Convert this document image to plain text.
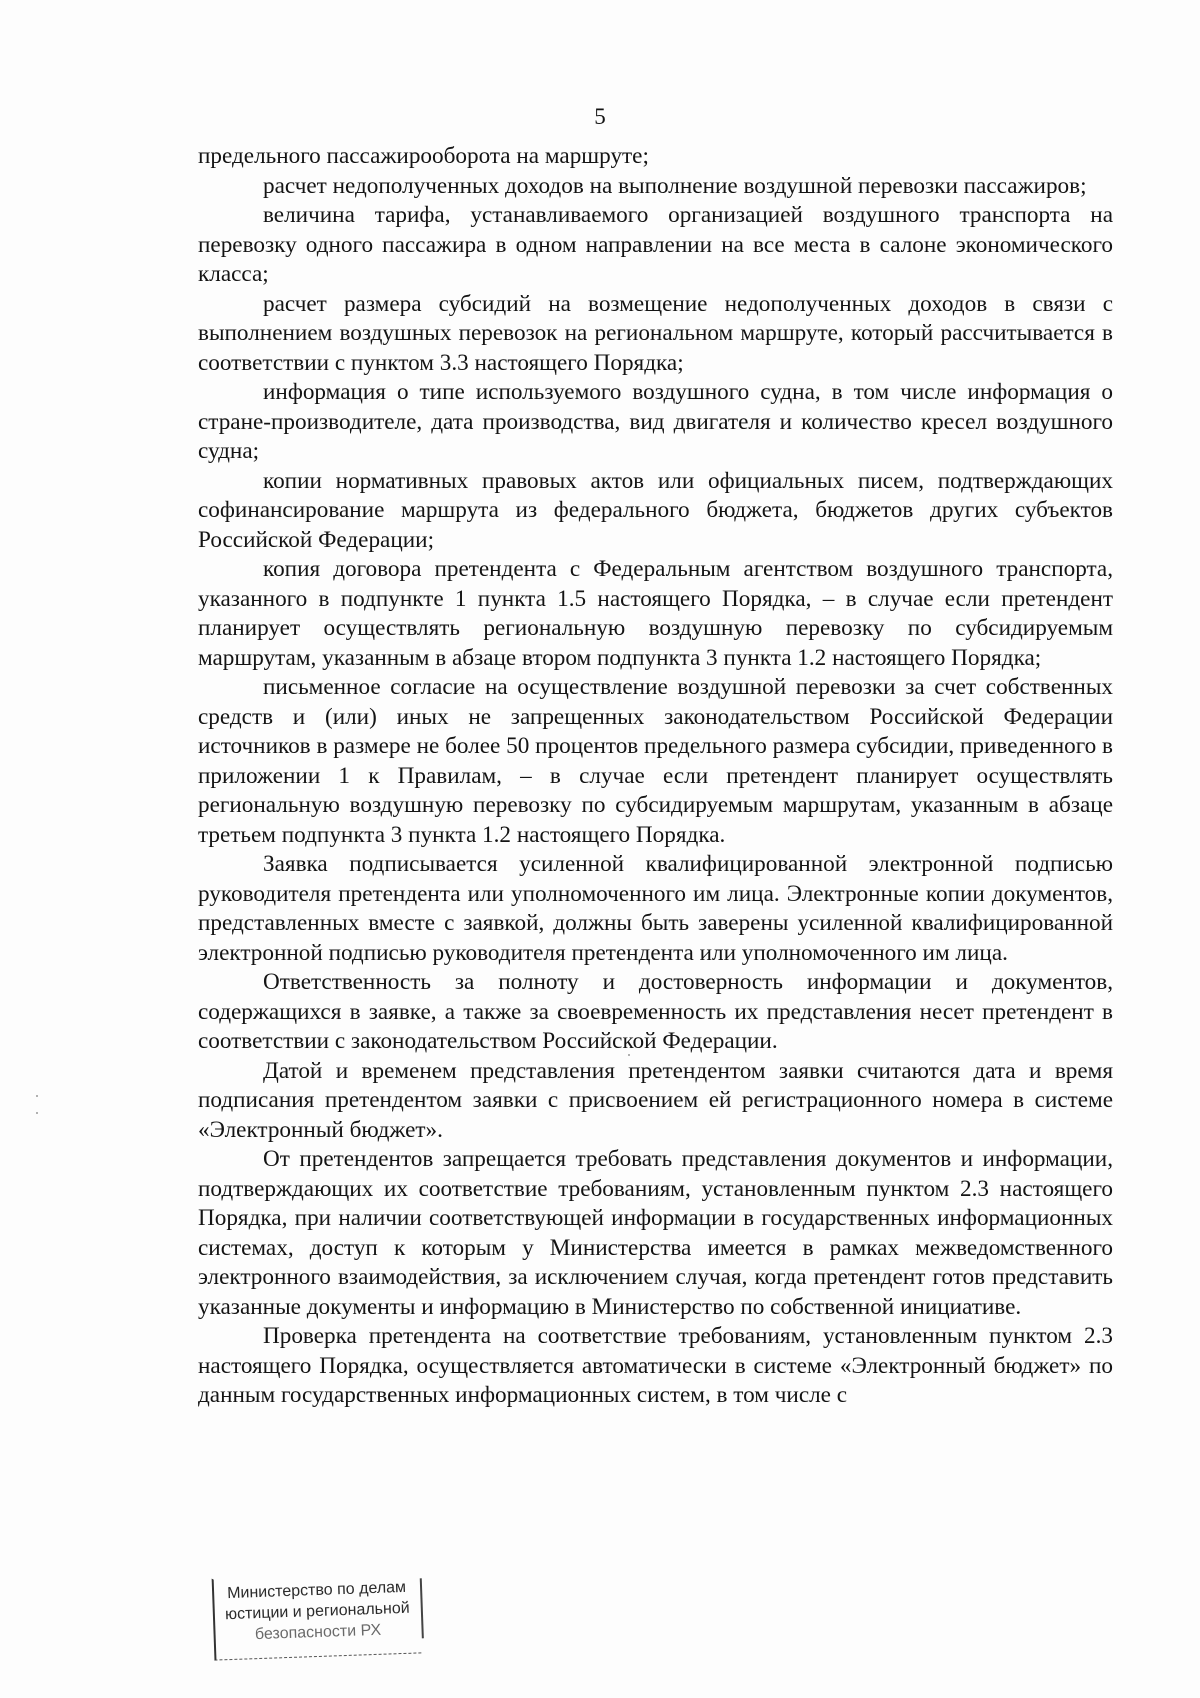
5

предельного пассажирооборота на маршруте;

расчет недополученных доходов на выполнение воздушной перевозки пассажиров;

величина тарифа, устанавливаемого организацией воздушного транспорта на перевозку одного пассажира в одном направлении на все места в салоне экономического класса;

расчет размера субсидий на возмещение недополученных доходов в связи с выполнением воздушных перевозок на региональном маршруте, который рассчитывается в соответствии с пунктом 3.3 настоящего Порядка;

информация о типе используемого воздушного судна, в том числе информация о стране-производителе, дата производства, вид двигателя и количество кресел воздушного судна;

копии нормативных правовых актов или официальных писем, подтверждающих софинансирование маршрута из федерального бюджета, бюджетов других субъектов Российской Федерации;

копия договора претендента с Федеральным агентством воздушного транспорта, указанного в подпункте 1 пункта 1.5 настоящего Порядка, – в случае если претендент планирует осуществлять региональную воздушную перевозку по субсидируемым маршрутам, указанным в абзаце втором подпункта 3 пункта 1.2 настоящего Порядка;

письменное согласие на осуществление воздушной перевозки за счет собственных средств и (или) иных не запрещенных законодательством Российской Федерации источников в размере не более 50 процентов предельного размера субсидии, приведенного в приложении 1 к Правилам, – в случае если претендент планирует осуществлять региональную воздушную перевозку по субсидируемым маршрутам, указанным в абзаце третьем подпункта 3 пункта 1.2 настоящего Порядка.

Заявка подписывается усиленной квалифицированной электронной подписью руководителя претендента или уполномоченного им лица. Электронные копии документов, представленных вместе с заявкой, должны быть заверены усиленной квалифицированной электронной подписью руководителя претендента или уполномоченного им лица.

Ответственность за полноту и достоверность информации и документов, содержащихся в заявке, а также за своевременность их представления несет претендент в соответствии с законодательством Российской Федерации.

Датой и временем представления претендентом заявки считаются дата и время подписания претендентом заявки с присвоением ей регистрационного номера в системе «Электронный бюджет».

От претендентов запрещается требовать представления документов и информации, подтверждающих их соответствие требованиям, установленным пунктом 2.3 настоящего Порядка, при наличии соответствующей информации в государственных информационных системах, доступ к которым у Министерства имеется в рамках межведомственного электронного взаимодействия, за исключением случая, когда претендент готов представить указанные документы и информацию в Министерство по собственной инициативе.

Проверка претендента на соответствие требованиям, установленным пунктом 2.3 настоящего Порядка, осуществляется автоматически в системе «Электронный бюджет» по данным государственных информационных систем, в том числе с

Министерство по делам
юстиции и региональной
безопасности РХ
